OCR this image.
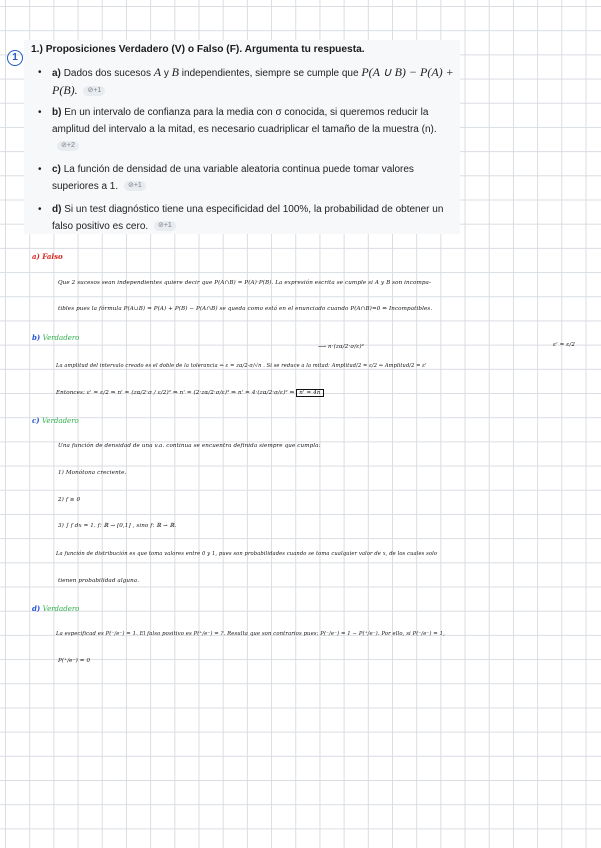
1
1.) Proposiciones Verdadero (V) o Falso (F). Argumenta tu respuesta.
• a) Dados dos sucesos A y B independientes, siempre se cumple que P(A ∪ B) − P(A) + P(B). ⊘+1
• b) En un intervalo de confianza para la media con σ conocida, si queremos reducir la
amplitud del intervalo a la mitad, es necesario cuadriplicar el tamaño de la muestra (n).
⊘+2
• c) La función de densidad de una variable aleatoria continua puede tomar valores
superiores a 1. ⊘+1
• d) Si un test diagnóstico tiene una especificidad del 100%, la probabilidad de obtener un
falso positivo es cero. ⊘+1
a) Falso
Que 2 sucesos sean independientes quiere decir que P(A∩B) = P(A)·P(B). La expresión escrita se cumple si A y B son incompa-
tibles pues la fórmula P(A∪B) = P(A) + P(B) − P(A∩B) se queda como está en el enunciado cuando P(A∩B)=0 ⇔ Incompatibles.
b) Verdadero
⟶ n·(zα/2·σ/ε)²	ε' = ε/2
La amplitud del intervalo creado es el doble de la tolerancia ⇒ ε = zα/2·σ/√n . Si se reduce a la mitad: Amplitud/2 = ε/2 ⇒ Amplitud/2 = ε'
Entonces: ε' = ε/2 ⇒ n' = (zα/2·σ / ε/2)² ⇒ n' = (2·zα/2·σ/ε)² ⇒ n' = 4·(zα/2·σ/ε)² ⇒ n' = 4n
c) Verdadero
Una función de densidad de una v.a. continua se encuentra definida siempre que cumpla:
1) Monótona creciente.
2) f ≥ 0
3) ∫ f dx = 1. f: ℝ → [0,1] , sino f: ℝ → ℝ.
La función de distribución es que toma valores entre 0 y 1, pues son probabilidades cuando se toma cualquier valor de x, de los cuales solo
tienen probabilidad alguna.
d) Verdadero
La especificad es P(⁻/e⁻) = 1. El falso positivo es P(⁺/e⁻) = ?. Resulta que son contrarios pues: P(⁻/e⁻) = 1 − P(⁺/e⁻). Por ello, si P(⁻/e⁻) = 1,
P(⁺/e⁻) = 0
